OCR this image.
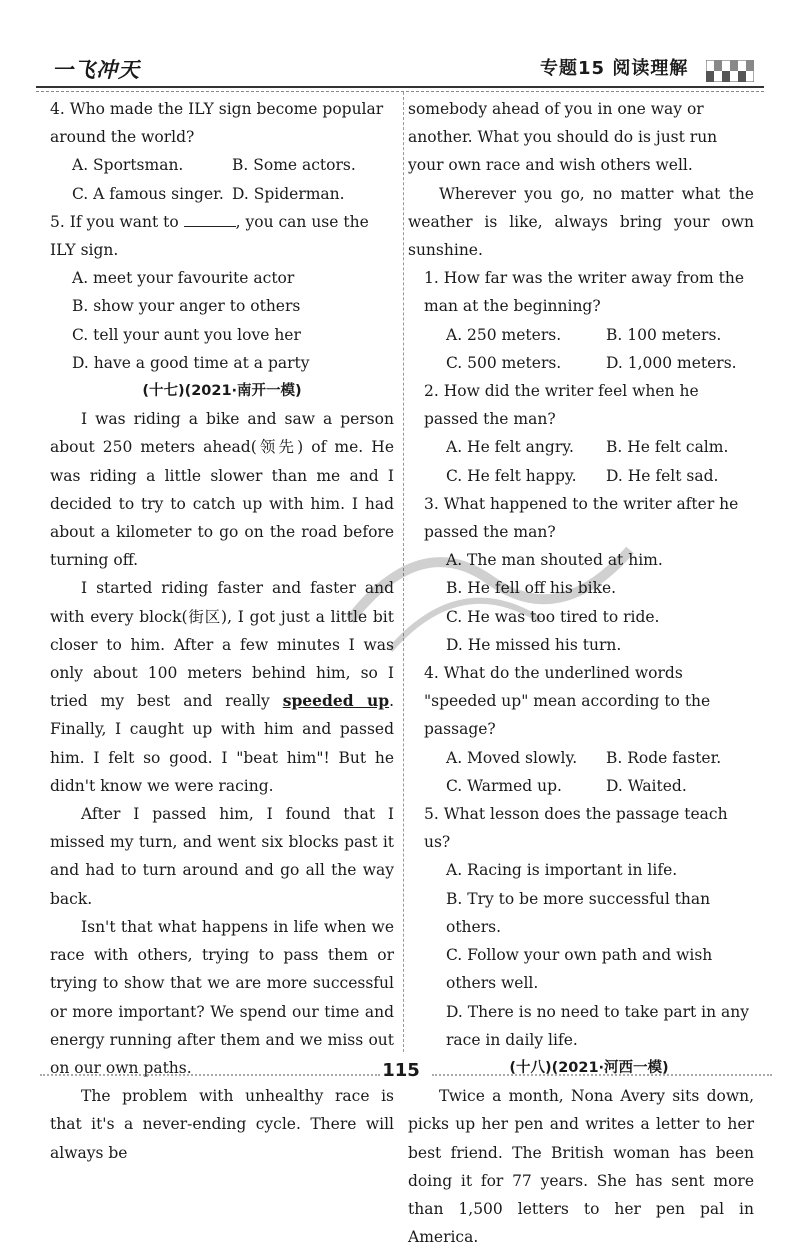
一飞冲天	专题15 阅读理解

4. Who made the ILY sign become popular around the world?

A. Sportsman.	B. Some actors.
C. A famous singer. D. Spiderman.

5. If you want to	, you can use the ILY sign.

A. meet your favourite actor

B. show your anger to others

C. tell your aunt you love her

D. have a good time at a party

(十七)(2021·南开一模)

I was riding a bike and saw a person about 250 meters ahead(领先) of me. He was riding a little slower than me and I decided to try to catch up with him. I had about a kilometer to go on the road before turning off.

I started riding faster and faster and with every block(街区), I got just a little bit closer to him. After a few minutes I was only about 100 meters behind him, so I tried my best and really speeded up. Finally, I caught up with him and passed him. I felt so good. I "beat him"! But he didn't know we were racing.

After I passed him, I found that I missed my turn, and went six blocks past it and had to turn around and go all the way back.

Isn't that what happens in life when we race with others, trying to pass them or trying to show that we are more successful or more important? We spend our time and energy running after them and we miss out on our own paths.

The problem with unhealthy race is that it's a never-ending cycle. There will always be

somebody ahead of you in one way or another. What you should do is just run your own race and wish others well.

Wherever you go, no matter what the weather is like, always bring your own sunshine.

1. How far was the writer away from the man at the beginning?

A. 250 meters.	B. 100 meters.
C. 500 meters.	D. 1,000 meters.

2. How did the writer feel when he passed the man?

A. He felt angry.	B. He felt calm.
C. He felt happy.	D. He felt sad.

3. What happened to the writer after he passed the man?

A. The man shouted at him.

B. He fell off his bike.

C. He was too tired to ride.

D. He missed his turn.

4. What do the underlined words "speeded up" mean according to the passage?

A. Moved slowly.	B. Rode faster.
C. Warmed up.	D. Waited.

5. What lesson does the passage teach us?

A. Racing is important in life.

B. Try to be more successful than others.

C. Follow your own path and wish others well.

D. There is no need to take part in any race in daily life.

(十八)(2021·河西一模)

Twice a month, Nona Avery sits down, picks up her pen and writes a letter to her best friend. The British woman has been doing it for 77 years. She has sent more than 1,500 letters to her pen pal in America.

115
